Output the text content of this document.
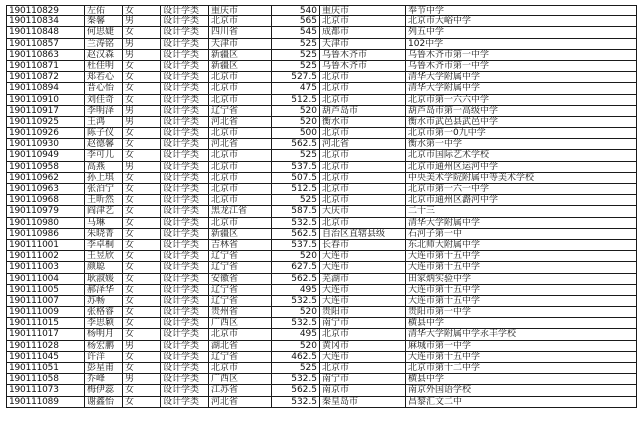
190110829	左佑	女	设计学类	重庆市	540 重庆市	奉节中学
190110834	秦馨	男	设计学类	北京市	565 北京市	北京市大峪中学
190110848	何思婕	女	设计学类	四川省	545 成都市	列五中学
190110857	兰涛铭	男	设计学类	天津市	525 天津市	102中学
190110863	赵汉森	男	设计学类	新疆区	525 乌鲁木齐市	乌鲁木齐市第一中学
190110871	杜佳明	女	设计学类	新疆区	525 乌鲁木齐市	乌鲁木齐市第一中学
190110872	郑若心	女	设计学类	北京市	527.5 北京市	清华大学附属中学
190110894	晋心怡	女	设计学类	北京市	475 北京市	清华大学附属中学
190110910	刘佳奇	女	设计学类	北京市	512.5 北京市	北京市第一六六中学
190110917	李明泽	男	设计学类	辽宁省	520 葫芦岛市	葫芦岛市第一高级中学
190110925	王鸿	男	设计学类	河北省	520 衡水市	衡水市武邑县武邑中学
190110926	陈子仪	女	设计学类	北京市	500 北京市	北京市第一0九中学
190110930	赵德馨	女	设计学类	河北省	562.5 河北省	衡水第一中学
190110949	李可儿	女	设计学类	北京市	525 北京市	北京市国际艺术学校
190110958	高燕	男	设计学类	北京市	537.5 北京市	北京市通州区运河中学
190110962	孙上琪	女	设计学类	北京市	507.5 北京市	中央美术学院附属中等美术学校
190110963	张泊宁	女	设计学类	北京市	512.5 北京市	北京市第一六一中学
190110968	王昕然	女	设计学类	北京市	525 北京市	北京市通州区潞河中学
190110979	阎津艺	女	设计学类	黑龙江省	587.5 大庆市	二十三
190110980	马琳	女	设计学类	北京市	532.5 北京市	清华大学附属中学
190110986	朱晓菁	女	设计学类	新疆区	562.5 自治区直辖县级	石河子第一中
190111001	李卓桐	女	设计学类	吉林省	537.5 长春市	东北师大附属中学
190111002	王昱欣	女	设计学类	辽宁省	520 大连市	大连市第十五中学
190111003	颜聪	女	设计学类	辽宁省	627.5 大连市	大连市第十五中学
190111004	耿淑媛	女	设计学类	安徽省	562.5 芜湖市	田家炳实验中学
190111005	郝泽华	女	设计学类	辽宁省	495 大连市	大连市第十五中学
190111007	苏畅	女	设计学类	辽宁省	532.5 大连市	大连市第十五中学
190111009	张格睿	女	设计学类	贵州省	520 贵阳市	贵阳市第一中学
190111015	李思颖	女	设计学类	广西区	532.5 南宁市	横县中学
190111017	杨明月	女	设计学类	北京市	495 北京市	清华大学附属中学永丰学校
190111028	杨宏鹏	男	设计学类	湖北省	520 黄冈市	麻城市第一中学
190111045	许洋	女	设计学类	辽宁省	462.5 大连市	大连市第十五中学
190111051	彭星甫	女	设计学类	北京市	525 北京市	北京市第十二中学
190111058	乔峰	男	设计学类	广西区	532.5 南宁市	横县中学
190111073	梅伊蕊	女	设计学类	江苏省	562.5 南京市	南京外国语学校
190111089	谢鑫怡	女	设计学类	河北省	532.5 秦皇岛市	昌黎汇文二中
